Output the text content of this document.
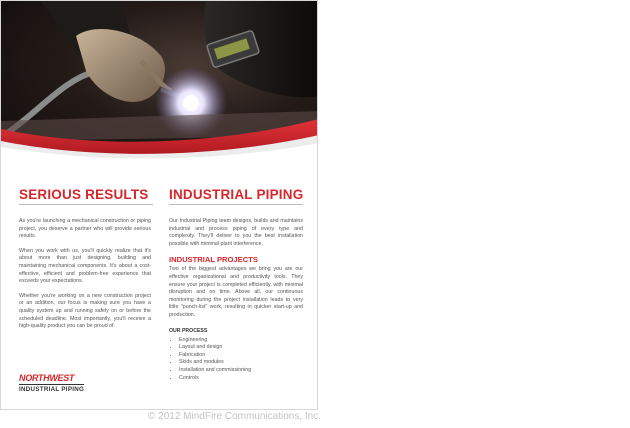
SERIOUS RESULTS

As you're launching a mechanical construction or piping project, you deserve a partner who will provide serious results.

When you work with us, you'll quickly realize that it's about more than just designing, building and maintaining mechanical components. It's about a cost-effective, efficient and problem-free experience that exceeds your expectations.

Whether you're working on a new construction project or an addition, our focus is making sure you have a quality system up and running safely on or before the scheduled deadline. Most importantly, you'll receive a high-quality product you can be proud of.

INDUSTRIAL PIPING

Our Industrial Piping team designs, builds and maintains industrial and process piping of every type and complexity. They'll deliver to you the best installation possible with minimal plant interference.

INDUSTRIAL PROJECTS

Two of the biggest advantages we bring you are our effective organizational and productivity tools. They ensure your project is completed efficiently, with minimal disruption and on time. Above all, our continuous monitoring during the project installation leads to very little "punch-list" work, resulting in quicker start-up and production.

OUR PROCESS
• Engineering
• Layout and design
• Fabrication
• Skids and modules
• Installation and commissioning
• Controls
NORTHWEST
INDUSTRIAL PIPING
© 2012 MindFire Communications, Inc.
